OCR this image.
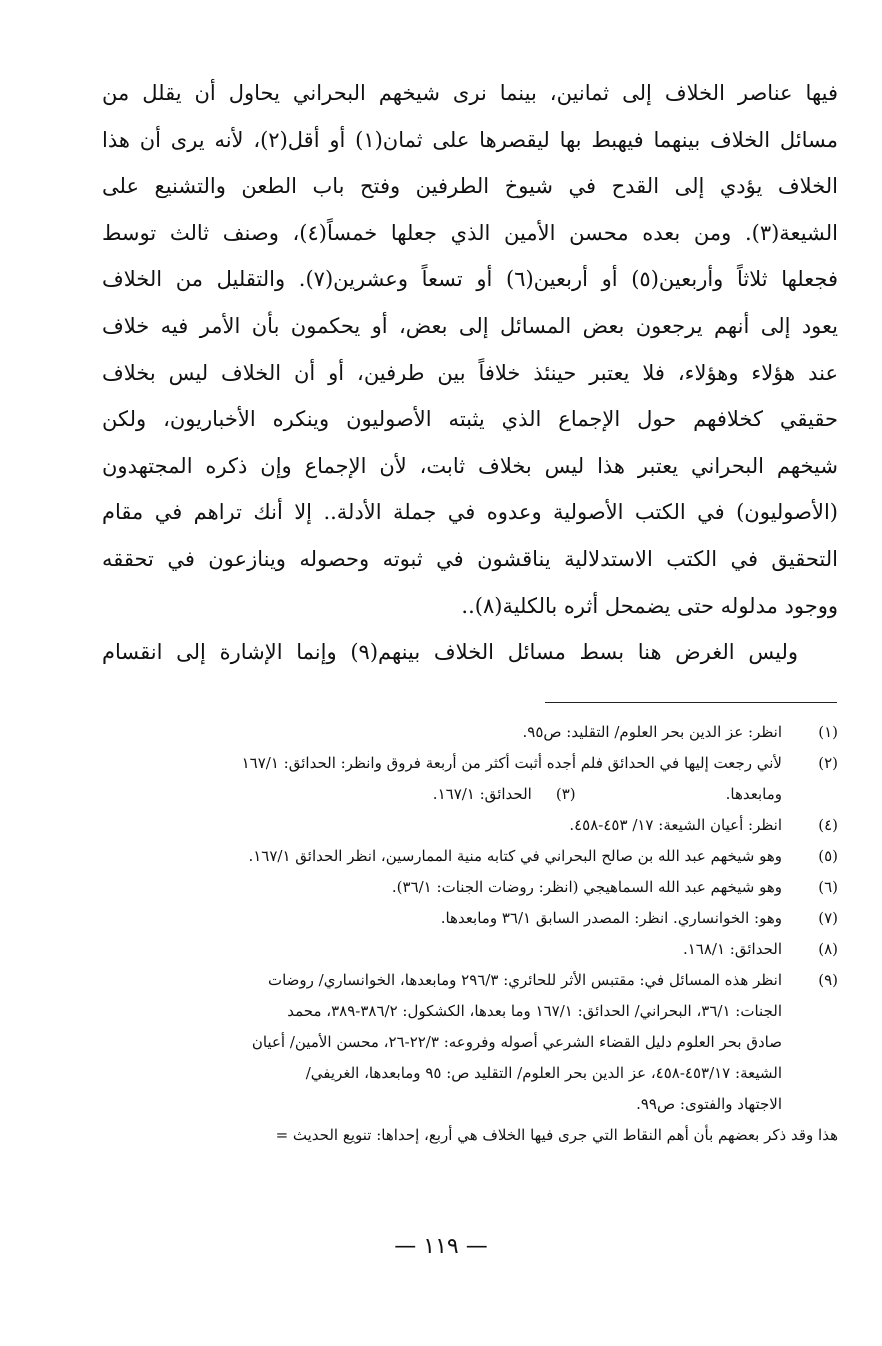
فيها عناصر الخلاف إلى ثمانين، بينما نرى شيخهم البحراني يحاول أن يقلل من
مسائل الخلاف بينهما فيهبط بها ليقصرها على ثمان(١) أو أقل(٢)، لأنه يرى أن هذا
الخلاف يؤدي إلى القدح في شيوخ الطرفين وفتح باب الطعن والتشنيع على
الشيعة(٣). ومن بعده محسن الأمين الذي جعلها خمساً(٤)، وصنف ثالث توسط
فجعلها ثلاثاً وأربعين(٥) أو أربعين(٦) أو تسعاً وعشرين(٧). والتقليل من الخلاف
يعود إلى أنهم يرجعون بعض المسائل إلى بعض، أو يحكمون بأن الأمر فيه خلاف
عند هؤلاء وهؤلاء، فلا يعتبر حينئذ خلافاً بين طرفين، أو أن الخلاف ليس بخلاف
حقيقي كخلافهم حول الإجماع الذي يثبته الأصوليون وينكره الأخباريون، ولكن
شيخهم البحراني يعتبر هذا ليس بخلاف ثابت، لأن الإجماع وإن ذكره المجتهدون
(الأصوليون) في الكتب الأصولية وعدوه في جملة الأدلة.. إلا أنك تراهم في مقام
التحقيق في الكتب الاستدلالية يناقشون في ثبوته وحصوله وينازعون في تحققه
ووجود مدلوله حتى يضمحل أثره بالكلية(٨)..
وليس الغرض هنا بسط مسائل الخلاف بينهم(٩) وإنما الإشارة إلى انقسام
(١)
انظر: عز الدين بحر العلوم/ التقليد: ص٩٥.
(٢)
لأني رجعت إليها في الحدائق فلم أجده أثبت أكثر من أربعة فروق وانظر: الحدائق: ١٦٧/١
ومابعدها.
(٣)
الحدائق: ١٦٧/١.
(٤)
انظر: أعيان الشيعة: ١٧/ ٤٥٣-٤٥٨.
(٥)
وهو شيخهم عبد الله بن صالح البحراني في كتابه منية الممارسين، انظر الحدائق ١٦٧/١.
(٦)
وهو شيخهم عبد الله السماهيجي (انظر: روضات الجنات: ٣٦/١).
(٧)
وهو: الخوانساري. انظر: المصدر السابق ٣٦/١ ومابعدها.
(٨)
الحدائق: ١٦٨/١.
(٩)
انظر هذه المسائل في: مقتبس الأثر للحائري: ٢٩٦/٣ ومابعدها، الخوانساري/ روضات
الجنات: ٣٦/١، البحراني/ الحدائق: ١٦٧/١ وما بعدها، الكشكول: ٣٨٦/٢-٣٨٩، محمد
صادق بحر العلوم دليل القضاء الشرعي أصوله وفروعه: ٢٢/٣-٢٦، محسن الأمين/ أعيان
الشيعة: ٤٥٣/١٧-٤٥٨، عز الدين بحر العلوم/ التقليد ص: ٩٥ ومابعدها، الغريفي/
الاجتهاد والفتوى: ص٩٩.
هذا وقد ذكر بعضهم بأن أهم النقاط التي جرى فيها الخلاف هي أربع، إحداها: تنويع الحديث =
— ١١٩ —
